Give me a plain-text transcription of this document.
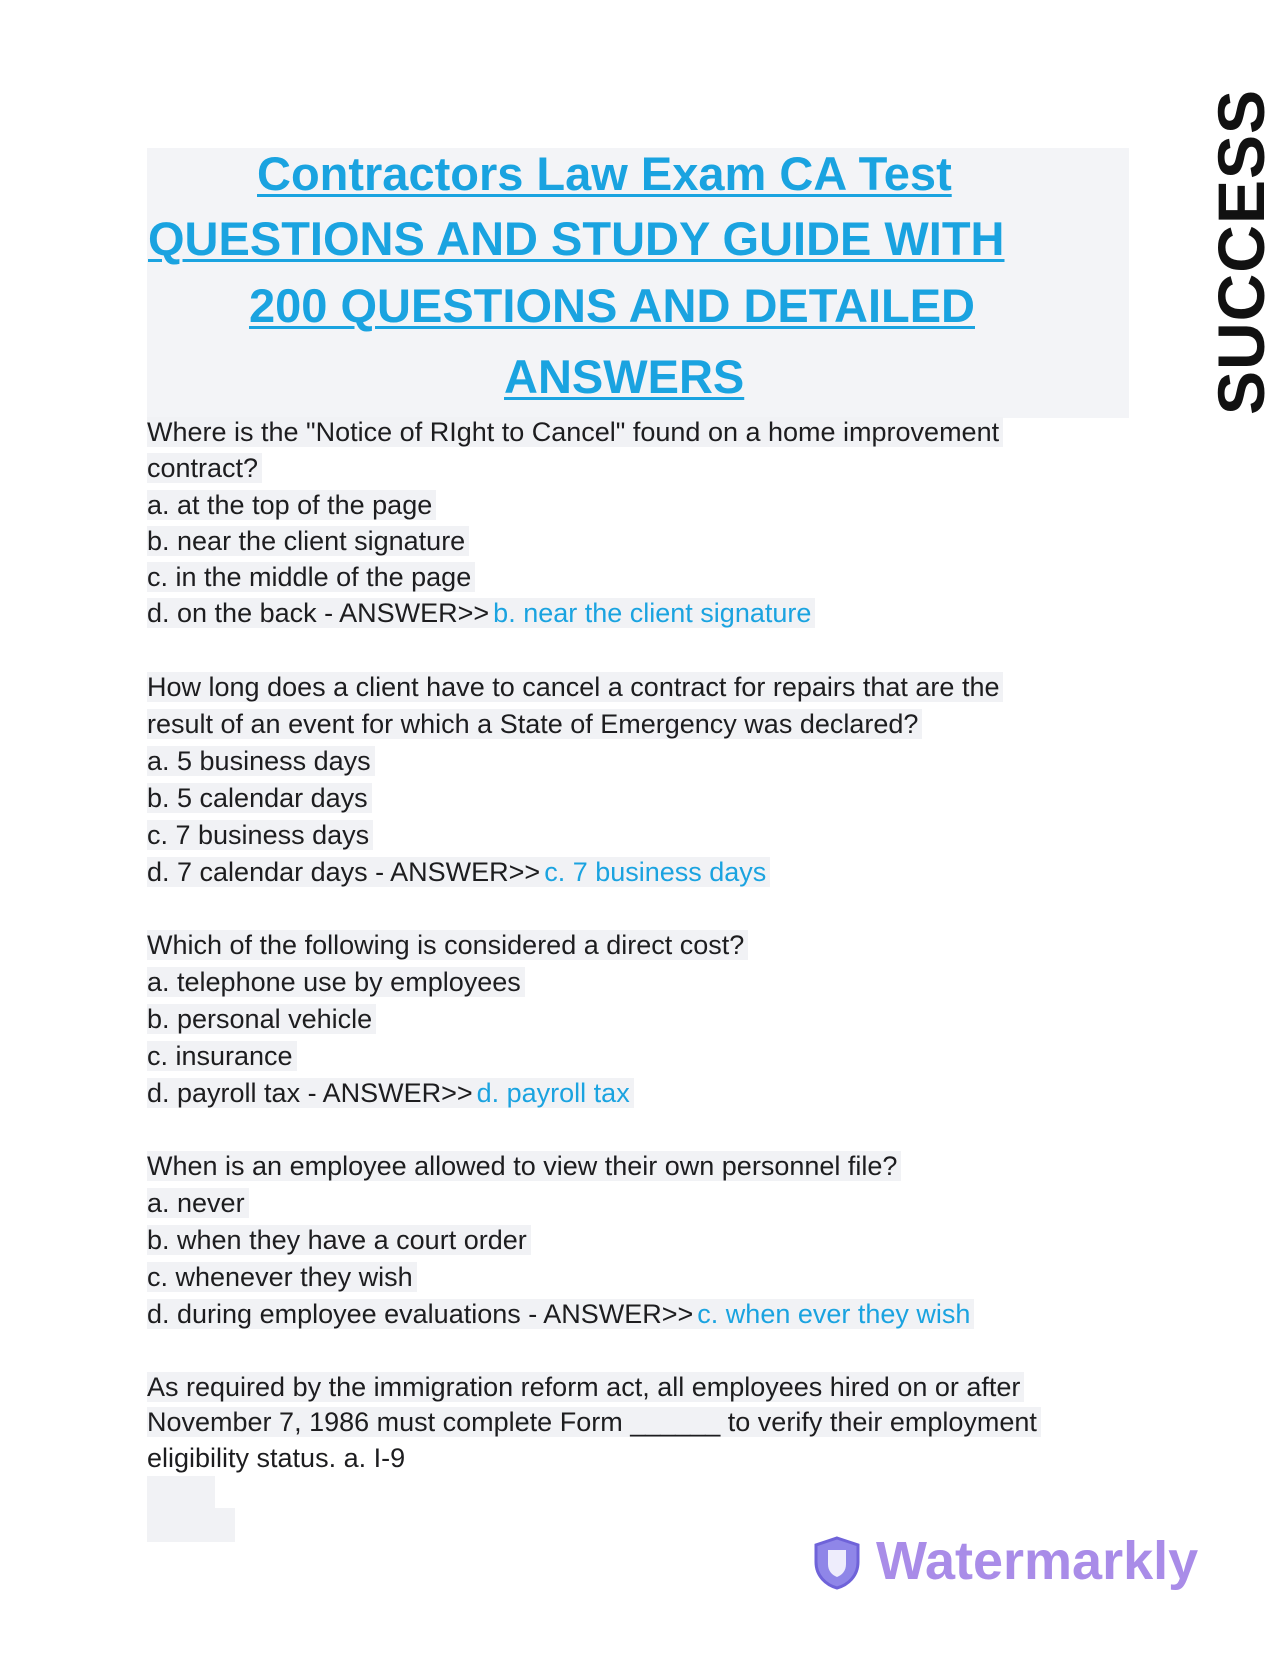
Contractors Law Exam CA Test
QUESTIONS AND STUDY GUIDE WITH
200 QUESTIONS AND DETAILED
ANSWERS	SUCCESS
Where is the "Notice of RIght to Cancel" found on a home improvement
contract?
a. at the top of the page
b. near the client signature
c. in the middle of the page
d. on the back - ANSWER>> b. near the client signature
How long does a client have to cancel a contract for repairs that are the
result of an event for which a State of Emergency was declared?
a. 5 business days
b. 5 calendar days
c. 7 business days
d. 7 calendar days - ANSWER>> c. 7 business days
Which of the following is considered a direct cost?
a. telephone use by employees
b. personal vehicle
c. insurance
d. payroll tax - ANSWER>> d. payroll tax
When is an employee allowed to view their own personnel file?
a. never
b. when they have a court order
c. whenever they wish
d. during employee evaluations - ANSWER>> c. when ever they wish
As required by the immigration reform act, all employees hired on or after
November 7, 1986 must complete Form ______ to verify their employment
eligibility status. a. I-9
Watermarkly
